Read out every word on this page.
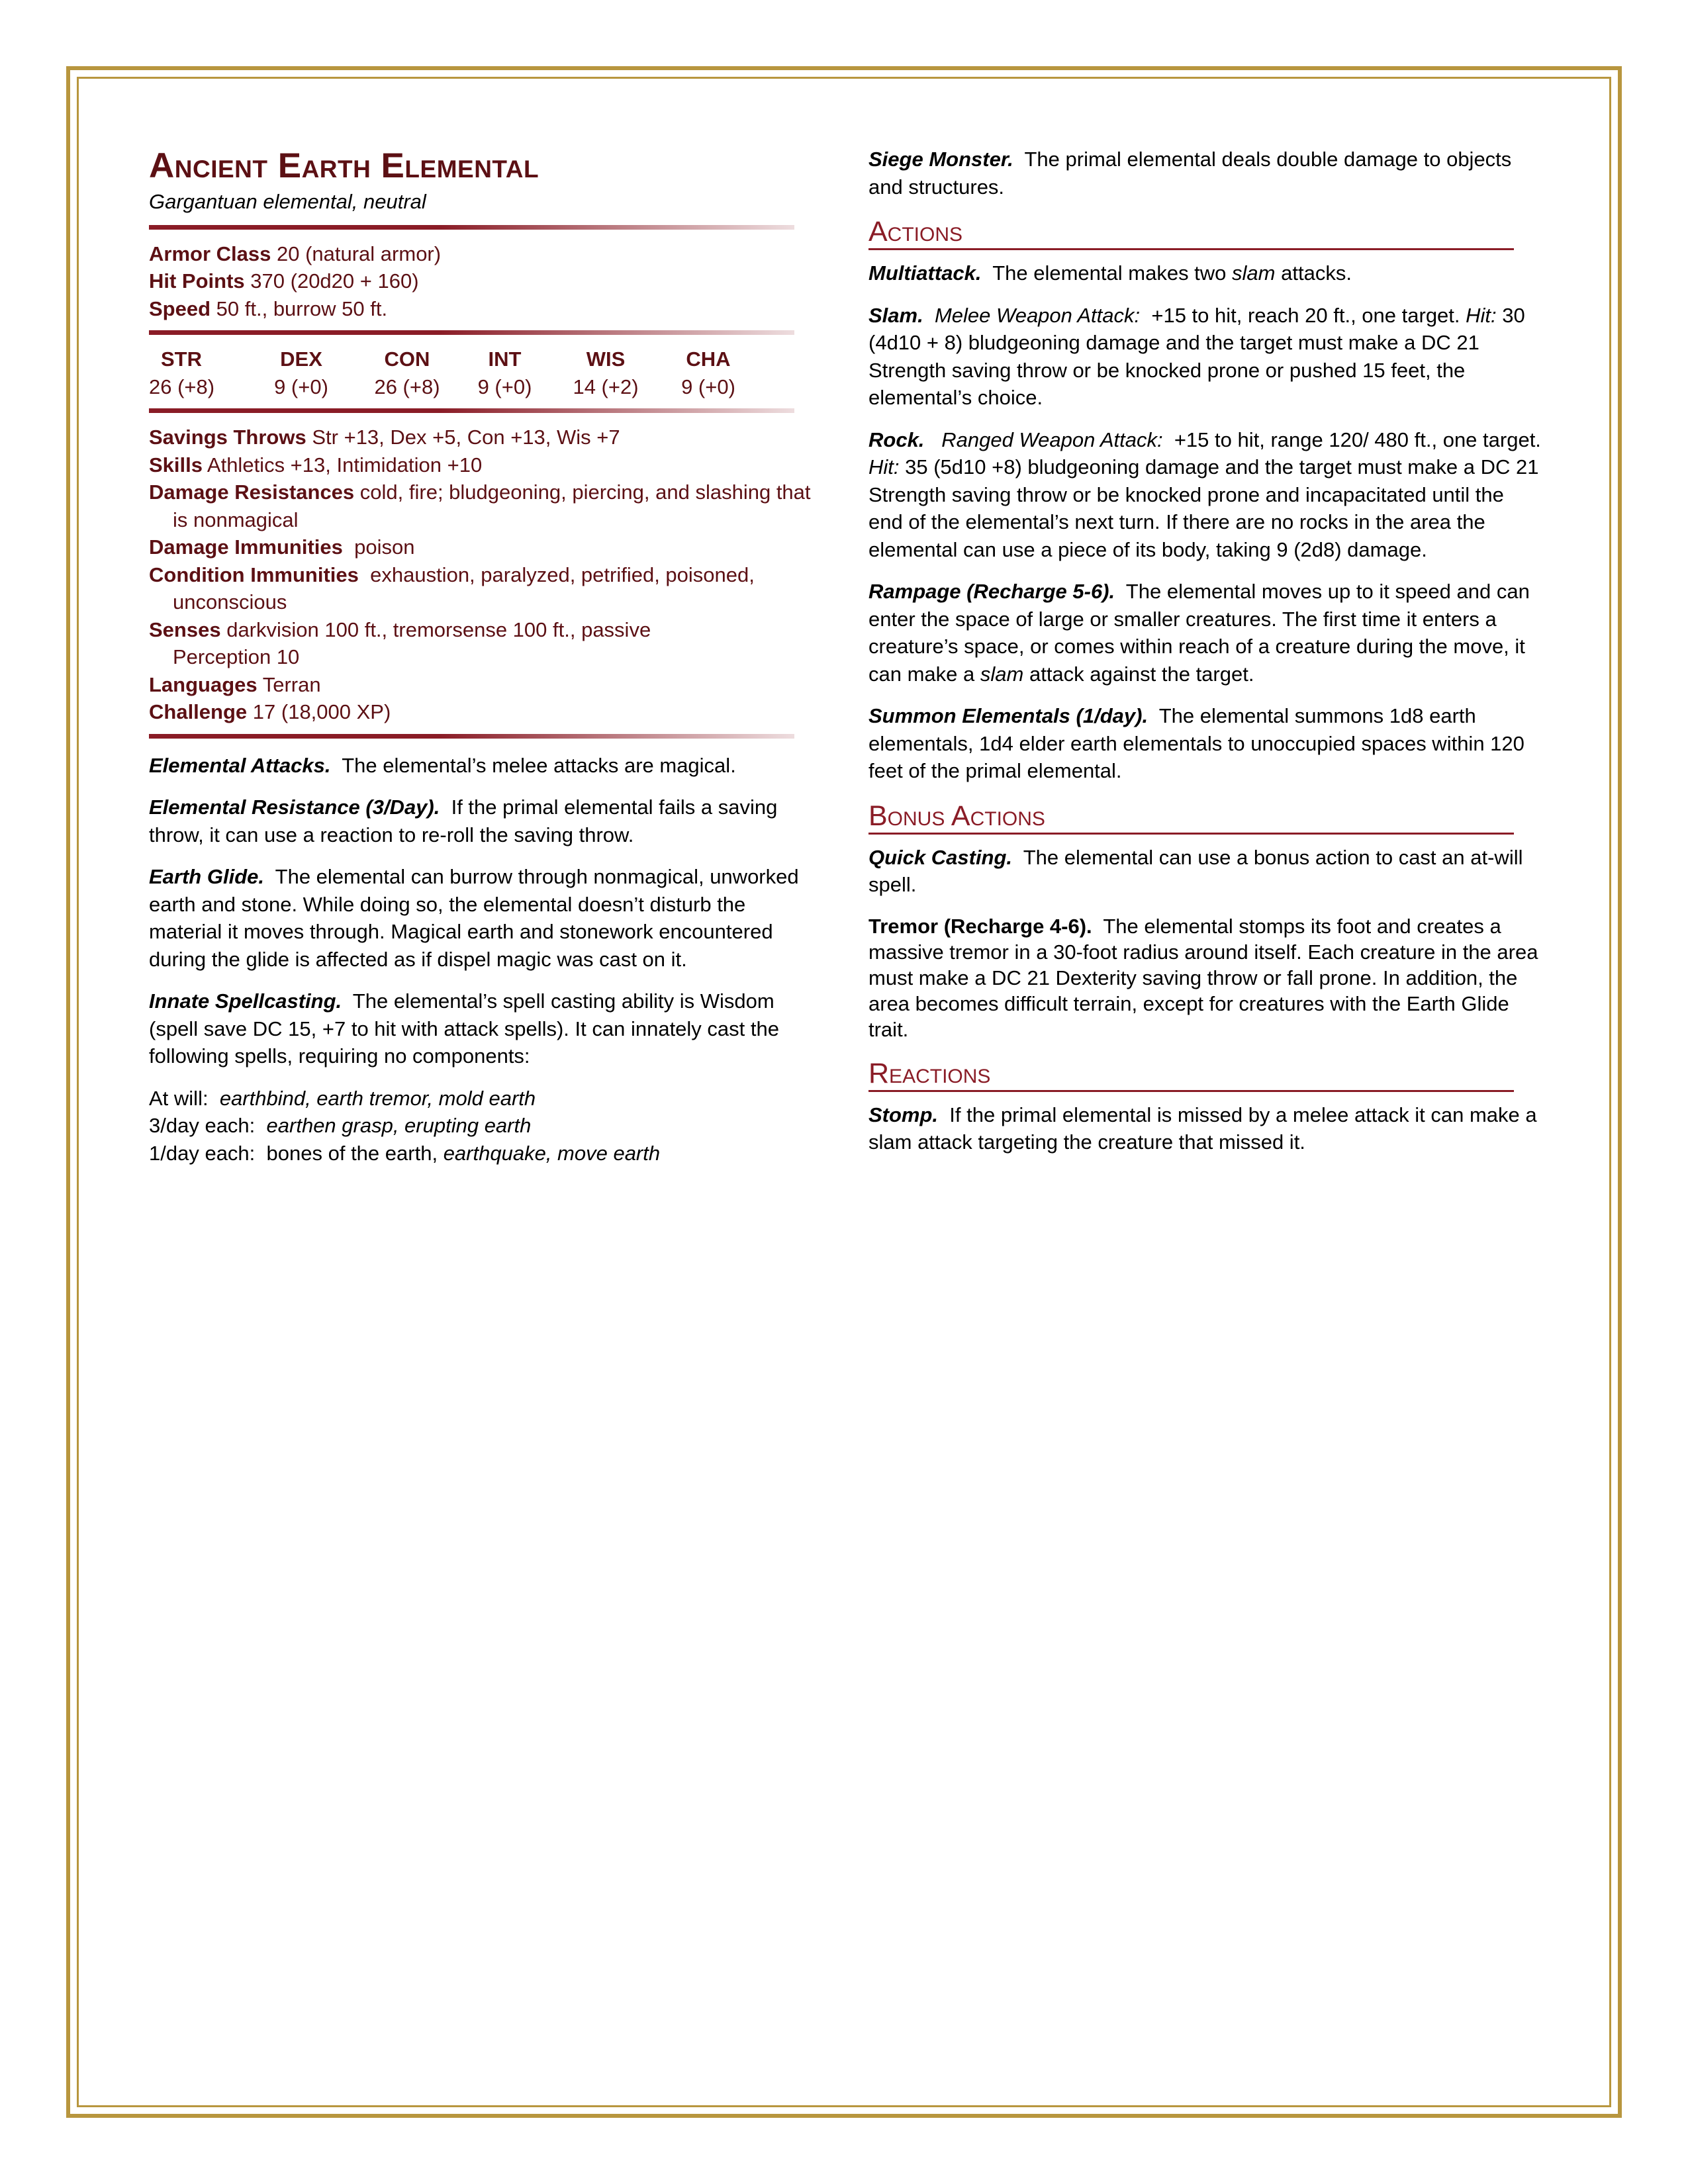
Ancient Earth Elemental
Gargantuan elemental, neutral
Armor Class 20 (natural armor)
Hit Points 370 (20d20 + 160)
Speed 50 ft., burrow 50 ft.
STR
26 (+8)
DEX
9 (+0)
CON
26 (+8)
INT
9 (+0)
WIS
14 (+2)
CHA
9 (+0)
Savings Throws Str +13, Dex +5, Con +13, Wis +7
Skills Athletics +13, Intimidation +10
Damage Resistances cold, fire; bludgeoning, piercing, and slashing that is nonmagical
Damage Immunities poison
Condition Immunities exhaustion, paralyzed, petrified, poisoned, unconscious
Senses darkvision 100 ft., tremorsense 100 ft., passive Perception 10
Languages Terran
Challenge 17 (18,000 XP)
Elemental Attacks. The elemental’s melee attacks are magical.
Elemental Resistance (3/Day). If the primal elemental fails a saving throw, it can use a reaction to re-roll the saving throw.
Earth Glide. The elemental can burrow through nonmagical, unworked earth and stone. While doing so, the elemental doesn’t disturb the material it moves through. Magical earth and stonework encountered during the glide is affected as if dispel magic was cast on it.
Innate Spellcasting. The elemental’s spell casting ability is Wisdom (spell save DC 15, +7 to hit with attack spells). It can innately cast the following spells, requiring no components:
At will: earthbind, earth tremor, mold earth
3/day each: earthen grasp, erupting earth
1/day each: bones of the earth, earthquake, move earth
Siege Monster. The primal elemental deals double damage to objects and structures.
Actions
Multiattack. The elemental makes two slam attacks.
Slam. Melee Weapon Attack: +15 to hit, reach 20 ft., one target. Hit: 30 (4d10 + 8) bludgeoning damage and the target must make a DC 21 Strength saving throw or be knocked prone or pushed 15 feet, the elemental’s choice.
Rock. Ranged Weapon Attack: +15 to hit, range 120/ 480 ft., one target. Hit: 35 (5d10 +8) bludgeoning damage and the target must make a DC 21 Strength saving throw or be knocked prone and incapacitated until the end of the elemental’s next turn. If there are no rocks in the area the elemental can use a piece of its body, taking 9 (2d8) damage.
Rampage (Recharge 5-6). The elemental moves up to it speed and can enter the space of large or smaller creatures. The first time it enters a creature’s space, or comes within reach of a creature during the move, it can make a slam attack against the target.
Summon Elementals (1/day). The elemental summons 1d8 earth elementals, 1d4 elder earth elementals to unoccupied spaces within 120 feet of the primal elemental.
Bonus Actions
Quick Casting. The elemental can use a bonus action to cast an at-will spell.
Tremor (Recharge 4-6). The elemental stomps its foot and creates a massive tremor in a 30-foot radius around itself. Each creature in the area must make a DC 21 Dexterity saving throw or fall prone. In addition, the area becomes difficult terrain, except for creatures with the Earth Glide trait.
Reactions
Stomp. If the primal elemental is missed by a melee attack it can make a slam attack targeting the creature that missed it.
